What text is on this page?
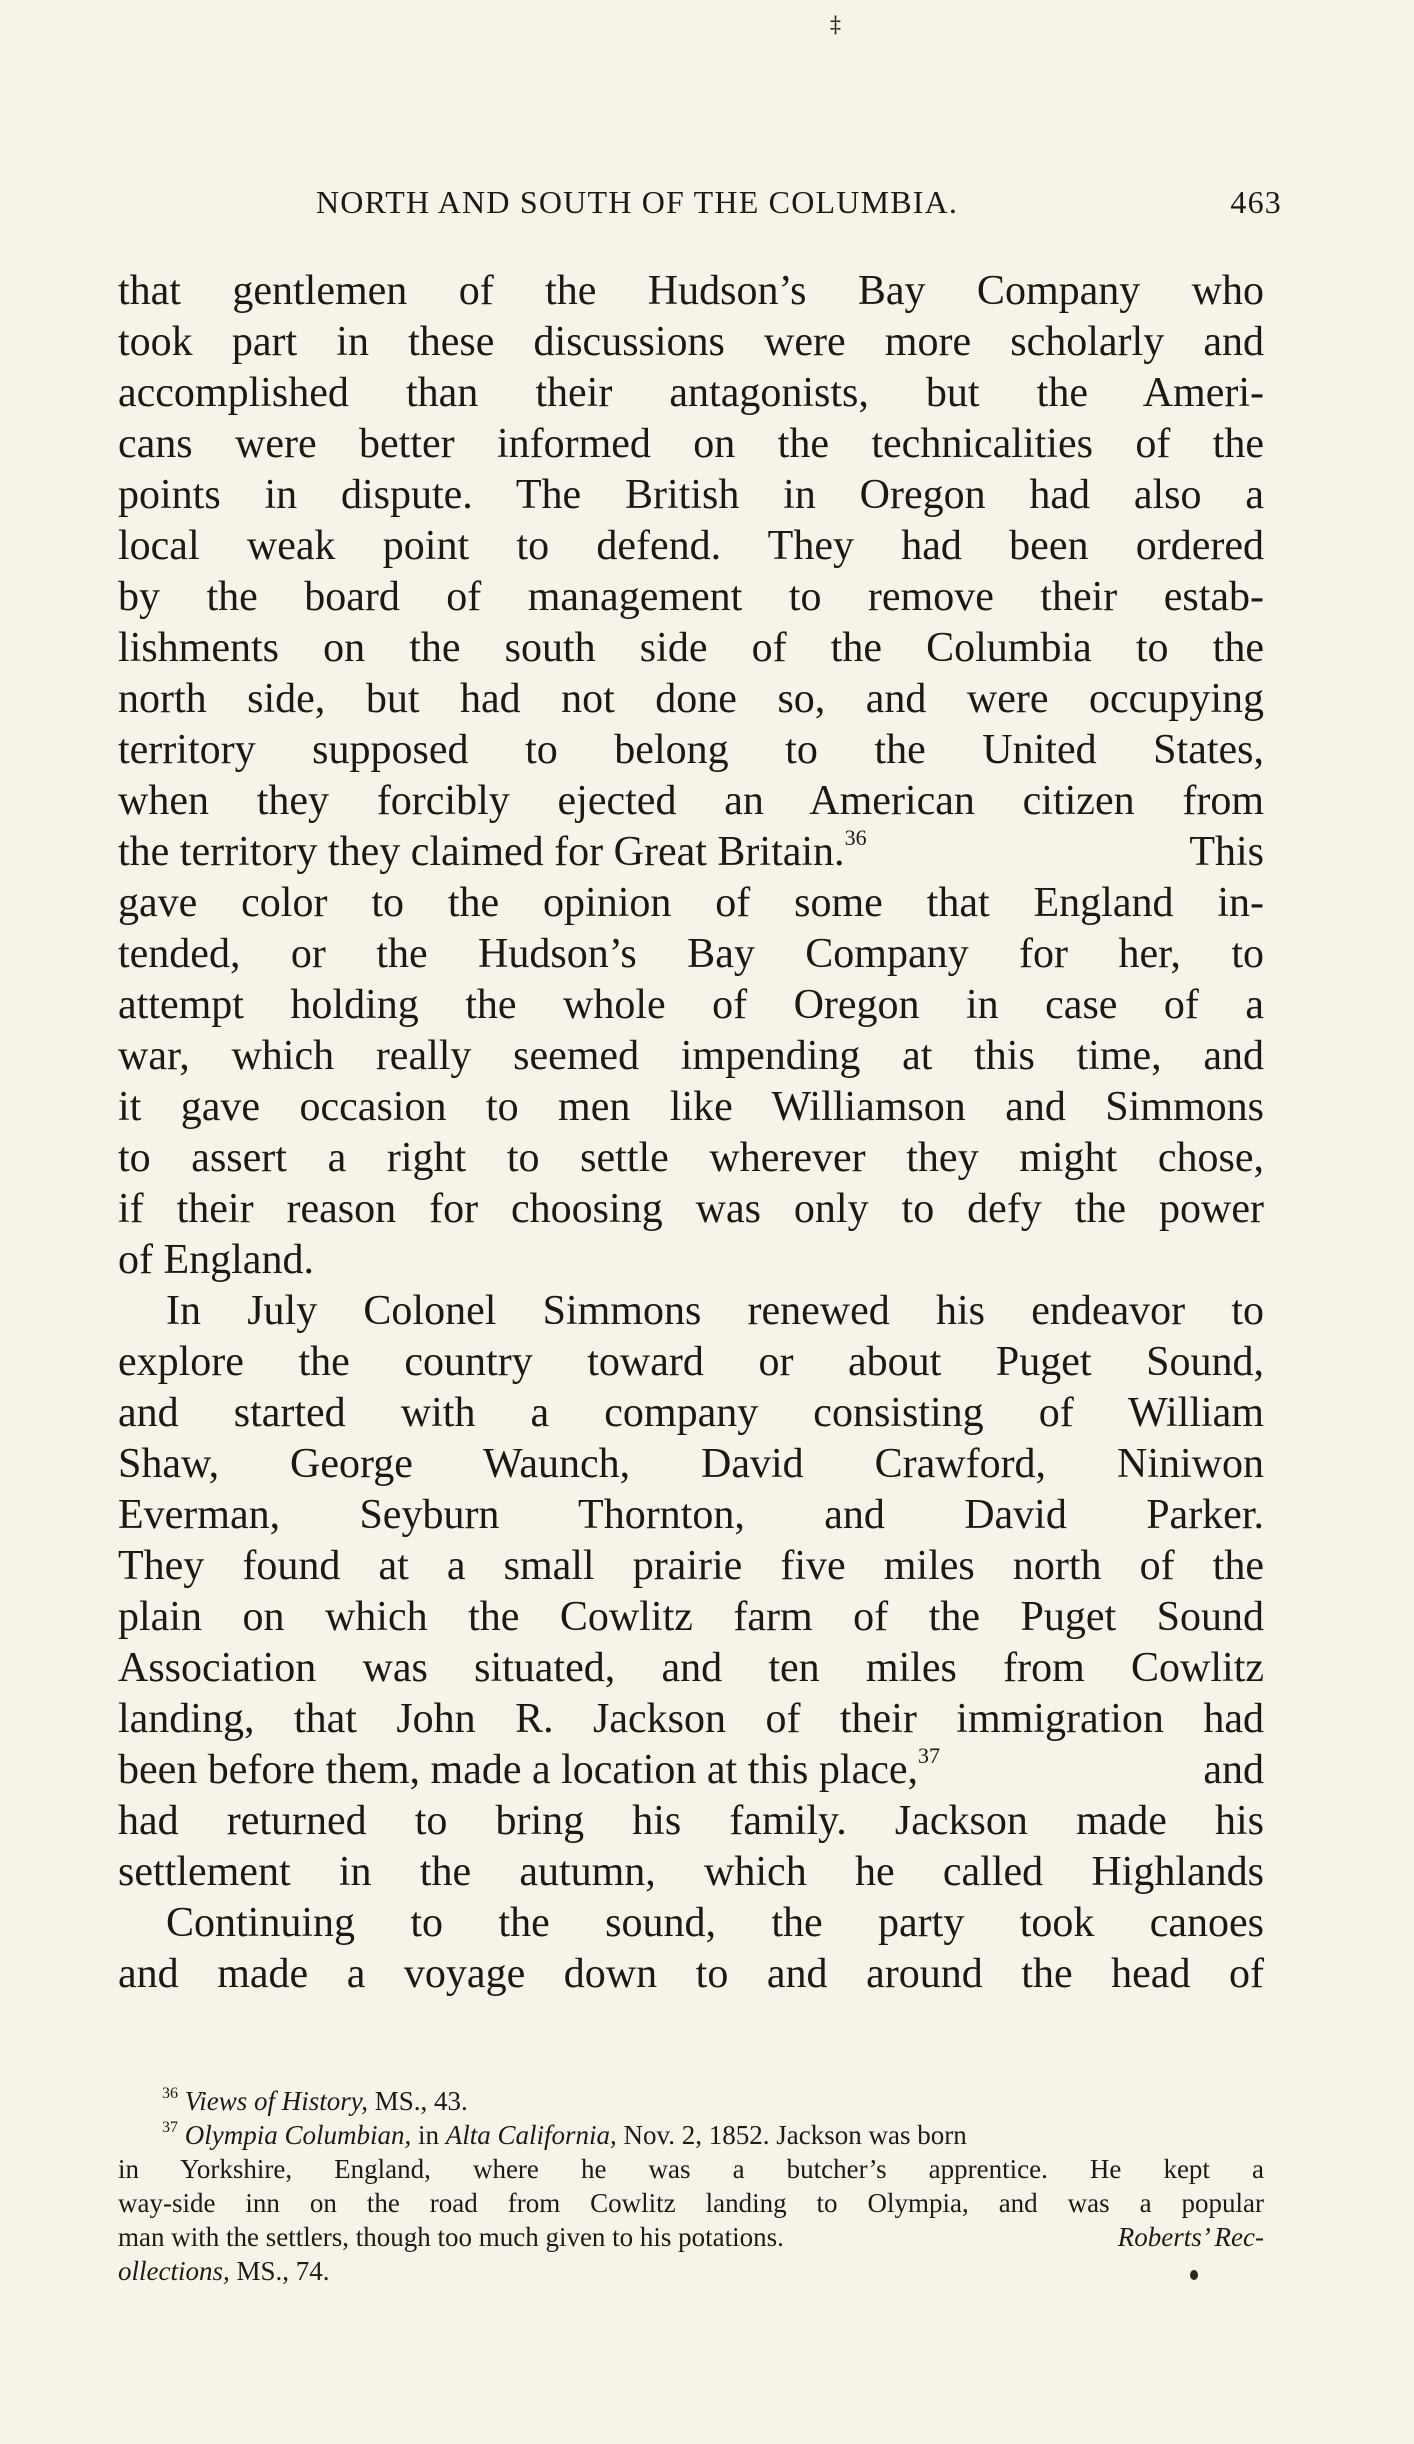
‡
NORTH AND SOUTH OF THE COLUMBIA.	463
that gentlemen of the Hudson’s Bay Company who
took part in these discussions were more scholarly and
accomplished than their antagonists, but the Ameri-
cans were better informed on the technicalities of the
points in dispute. The British in Oregon had also a
local weak point to defend. They had been ordered
by the board of management to remove their estab-
lishments on the south side of the Columbia to the
north side, but had not done so, and were occupying
territory supposed to belong to the United States,
when they forcibly ejected an American citizen from
the territory they claimed for Great Britain.$^{36}$	This
gave color to the opinion of some that England in-
tended, or the Hudson’s Bay Company for her, to
attempt holding the whole of Oregon in case of a
war, which really seemed impending at this time, and
it gave occasion to men like Williamson and Simmons
to assert a right to settle wherever they might chose,
if their reason for choosing was only to defy the power
of England.
In July Colonel Simmons renewed his endeavor to
explore the country toward or about Puget Sound,
and started with a company consisting of William
Shaw, George Waunch, David Crawford, Niniwon
Everman, Seyburn Thornton, and David Parker.
They found at a small prairie five miles north of the
plain on which the Cowlitz farm of the Puget Sound
Association was situated, and ten miles from Cowlitz
landing, that John R. Jackson of their immigration had
been before them, made a location at this place,$^{37}$	and
had returned to bring his family. Jackson made his
settlement in the autumn, which he called Highlands
Continuing to the sound, the party took canoes
and made a voyage down to and around the head of
$^{36}$ Views of History, MS., 43.
$^{37}$ Olympia Columbian, in Alta California, Nov. 2, 1852. Jackson was born
in Yorkshire, England, where he was a butcher’s apprentice. He kept a
way-side inn on the road from Cowlitz landing to Olympia, and was a popular
man with the settlers, though too much given to his potations.	Roberts’ Rec-
ollections, MS., 74.
